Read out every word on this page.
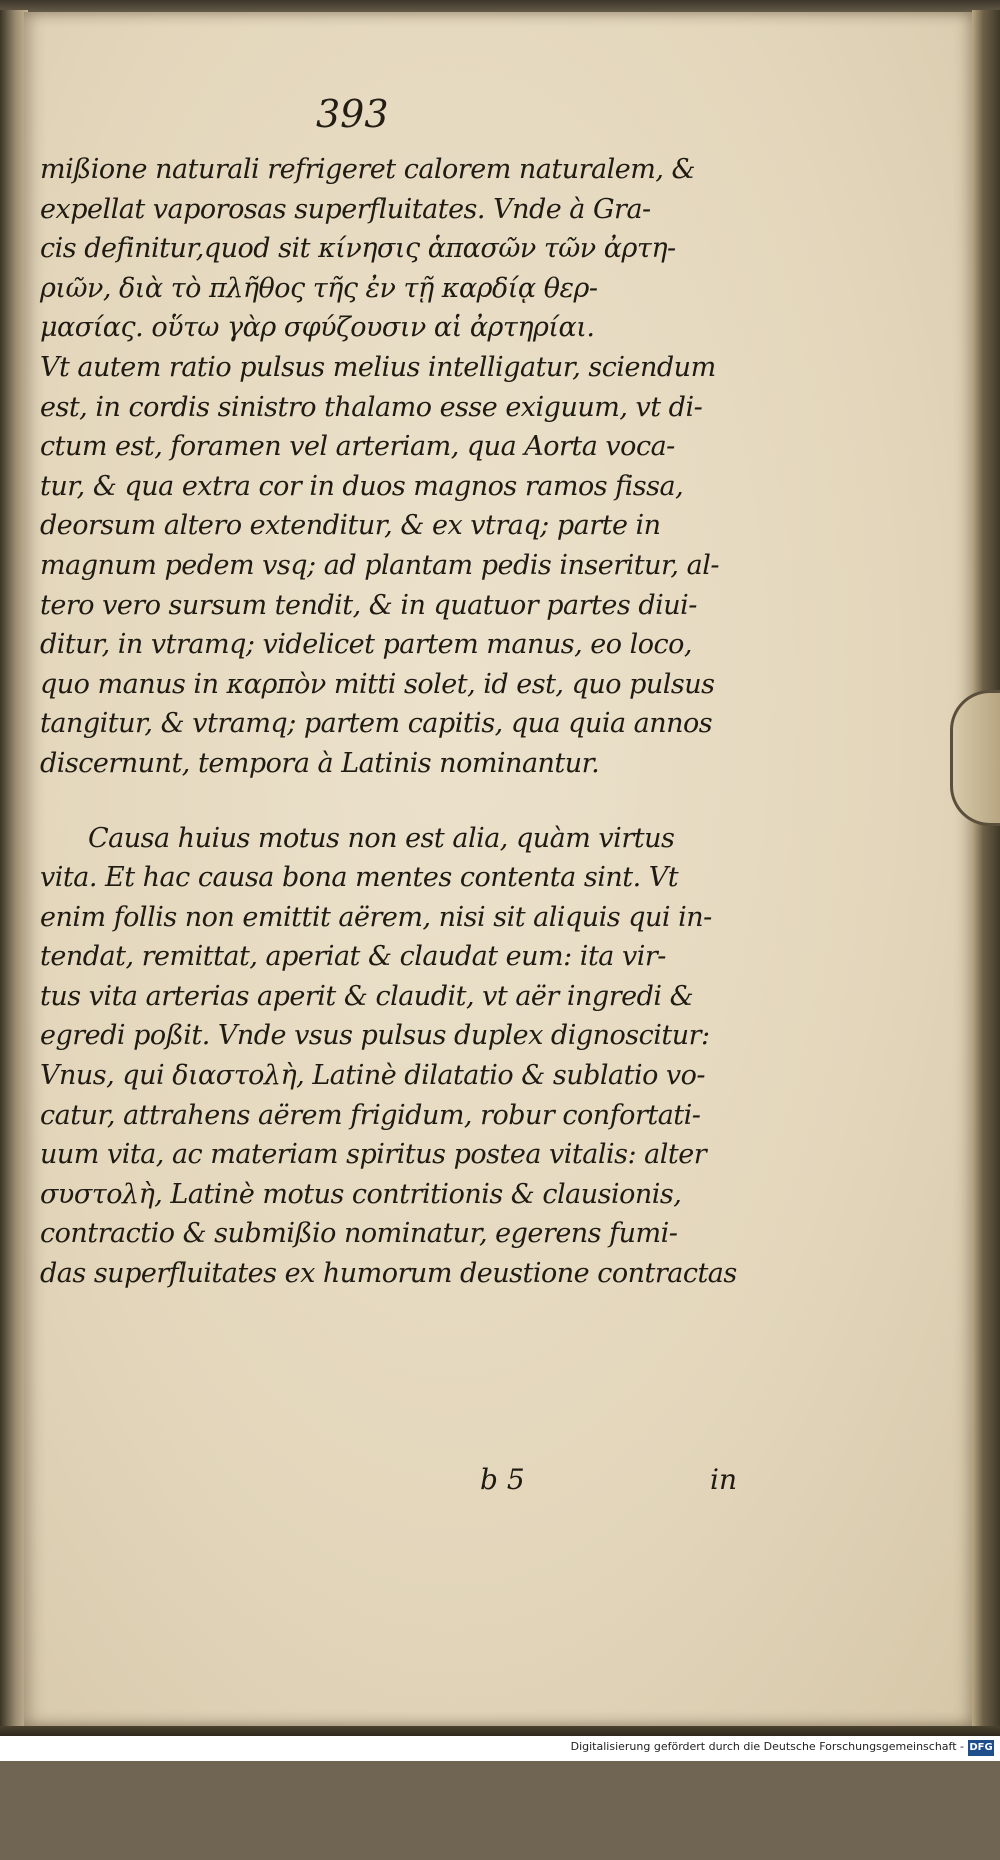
393
mißione naturali refrigeret calorem naturalem, &
expellat vaporosas superfluitates. Vnde à Gra-
cis definitur,quod sit κίνησις ἁπασῶν τῶν ἀρτη-
ριῶν, διὰ τὸ πλῆθος τῆς ἐν τῇ καρδίᾳ θερ-
μασίας. οὕτω γὰρ σφύζουσιν αἱ ἀρτηρίαι.
Vt autem ratio pulsus melius intelligatur, sciendum
est, in cordis sinistro thalamo esse exiguum, vt di-
ctum est, foramen vel arteriam, qua Aorta voca-
tur, & qua extra cor in duos magnos ramos fissa,
deorsum altero extenditur, & ex vtraq; parte in
magnum pedem vsq; ad plantam pedis inseritur, al-
tero vero sursum tendit, & in quatuor partes diui-
ditur, in vtramq; videlicet partem manus, eo loco,
quo manus in καρπὸν mitti solet, id est, quo pulsus
tangitur, & vtramq; partem capitis, qua quia annos
discernunt, tempora à Latinis nominantur.
Causa huius motus non est alia, quàm virtus
vita. Et hac causa bona mentes contenta sint. Vt
enim follis non emittit aërem, nisi sit aliquis qui in-
tendat, remittat, aperiat & claudat eum: ita vir-
tus vita arterias aperit & claudit, vt aër ingredi &
egredi poßit. Vnde vsus pulsus duplex dignoscitur:
Vnus, qui διαστολὴ, Latinè dilatatio & sublatio vo-
catur, attrahens aërem frigidum, robur confortati-
uum vita, ac materiam spiritus postea vitalis: alter
συστολὴ, Latinè motus contritionis & clausionis,
contractio & submißio nominatur, egerens fumi-
das superfluitates ex humorum deustione contractas
b 5	in
Digitalisierung gefördert durch die Deutsche Forschungsgemeinschaft - DFG
